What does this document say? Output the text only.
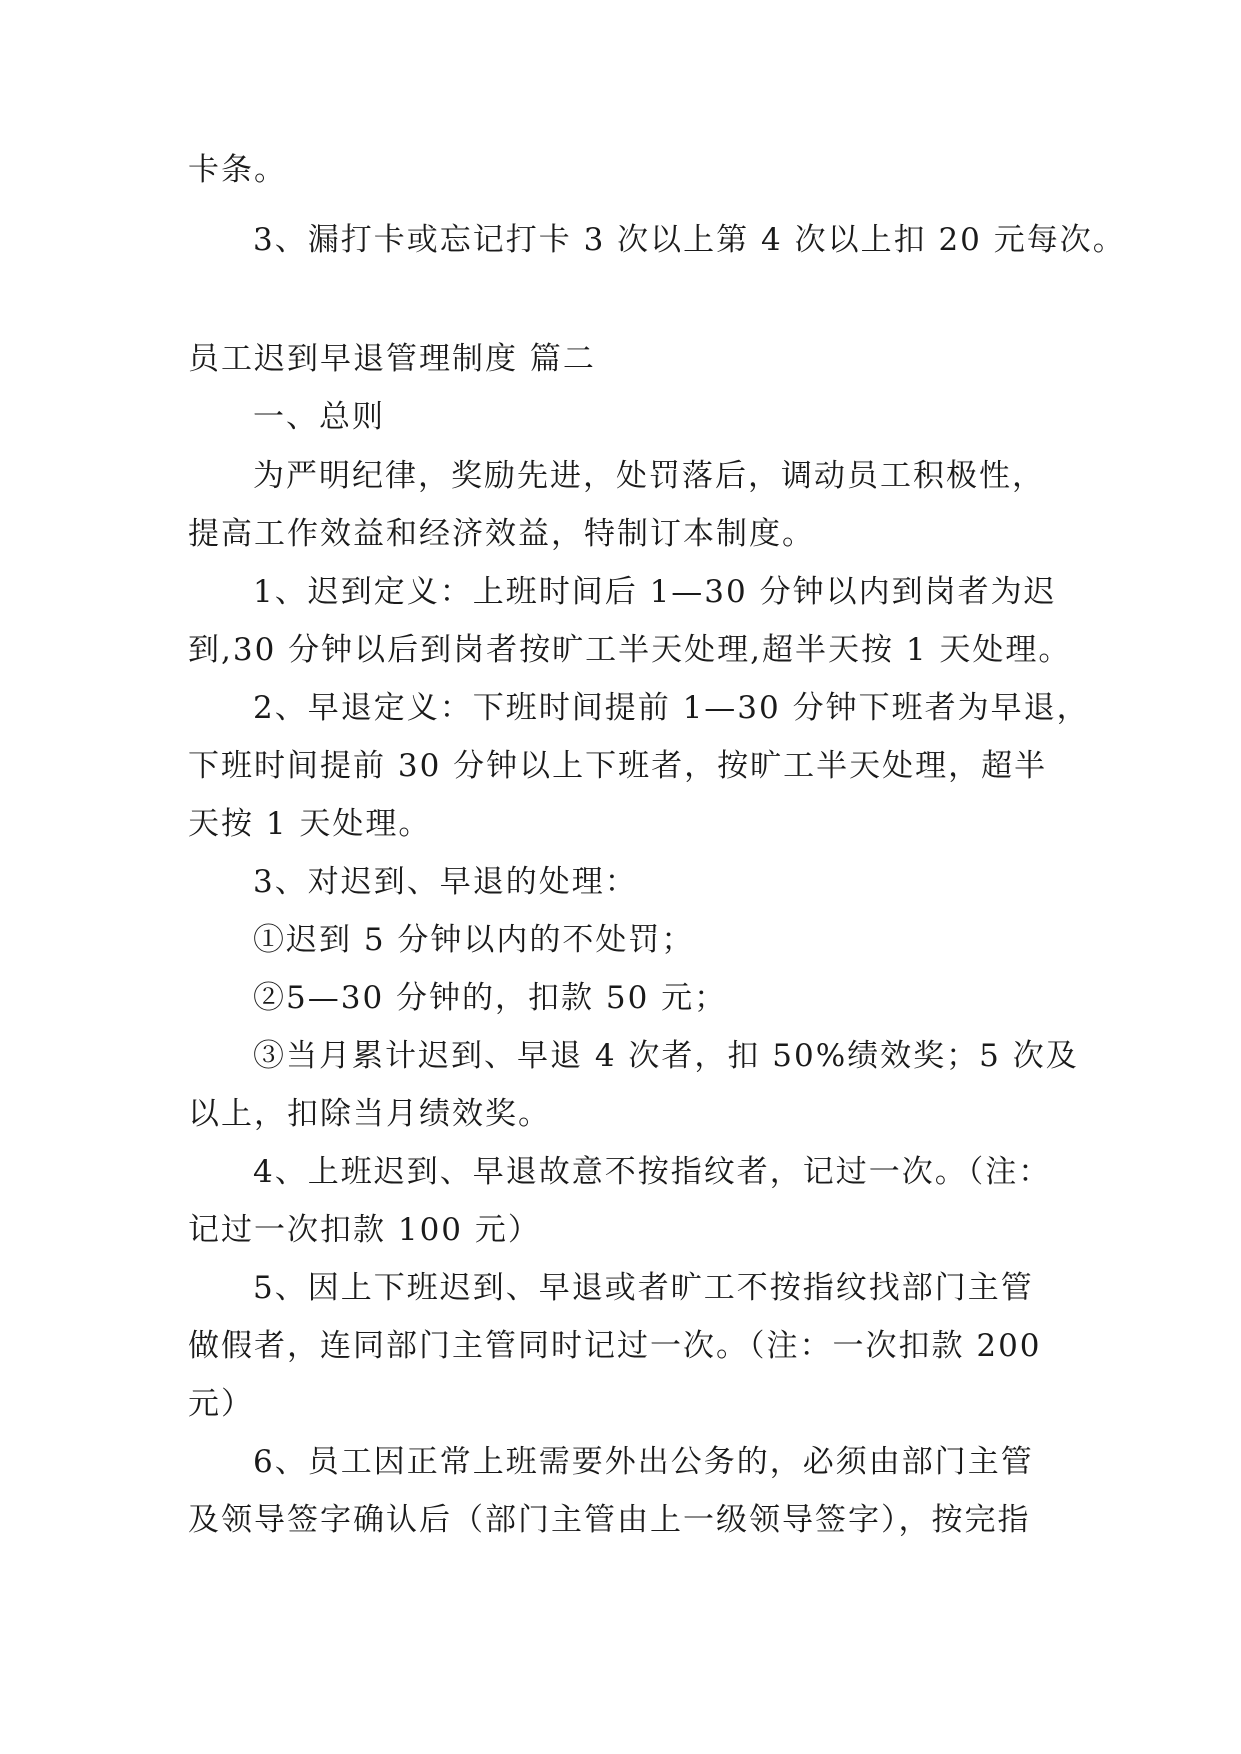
卡条。
3、漏打卡或忘记打卡 3 次以上第 4 次以上扣 20 元每次。
员工迟到早退管理制度 篇二
一、总则
为严明纪律，奖励先进，处罚落后，调动员工积极性，
提高工作效益和经济效益，特制订本制度。
1、迟到定义：上班时间后 1—30 分钟以内到岗者为迟
到,30 分钟以后到岗者按旷工半天处理,超半天按 1 天处理。
2、早退定义：下班时间提前 1—30 分钟下班者为早退，
下班时间提前 30 分钟以上下班者，按旷工半天处理，超半
天按 1 天处理。
3、对迟到、早退的处理：
①迟到 5 分钟以内的不处罚；
②5—30 分钟的，扣款 50 元；
③当月累计迟到、早退 4 次者，扣 50%绩效奖；5 次及
以上，扣除当月绩效奖。
4、上班迟到、早退故意不按指纹者，记过一次。（注：
记过一次扣款 100 元）
5、因上下班迟到、早退或者旷工不按指纹找部门主管
做假者，连同部门主管同时记过一次。（注：一次扣款 200
元）
6、员工因正常上班需要外出公务的，必须由部门主管
及领导签字确认后（部门主管由上一级领导签字），按完指
